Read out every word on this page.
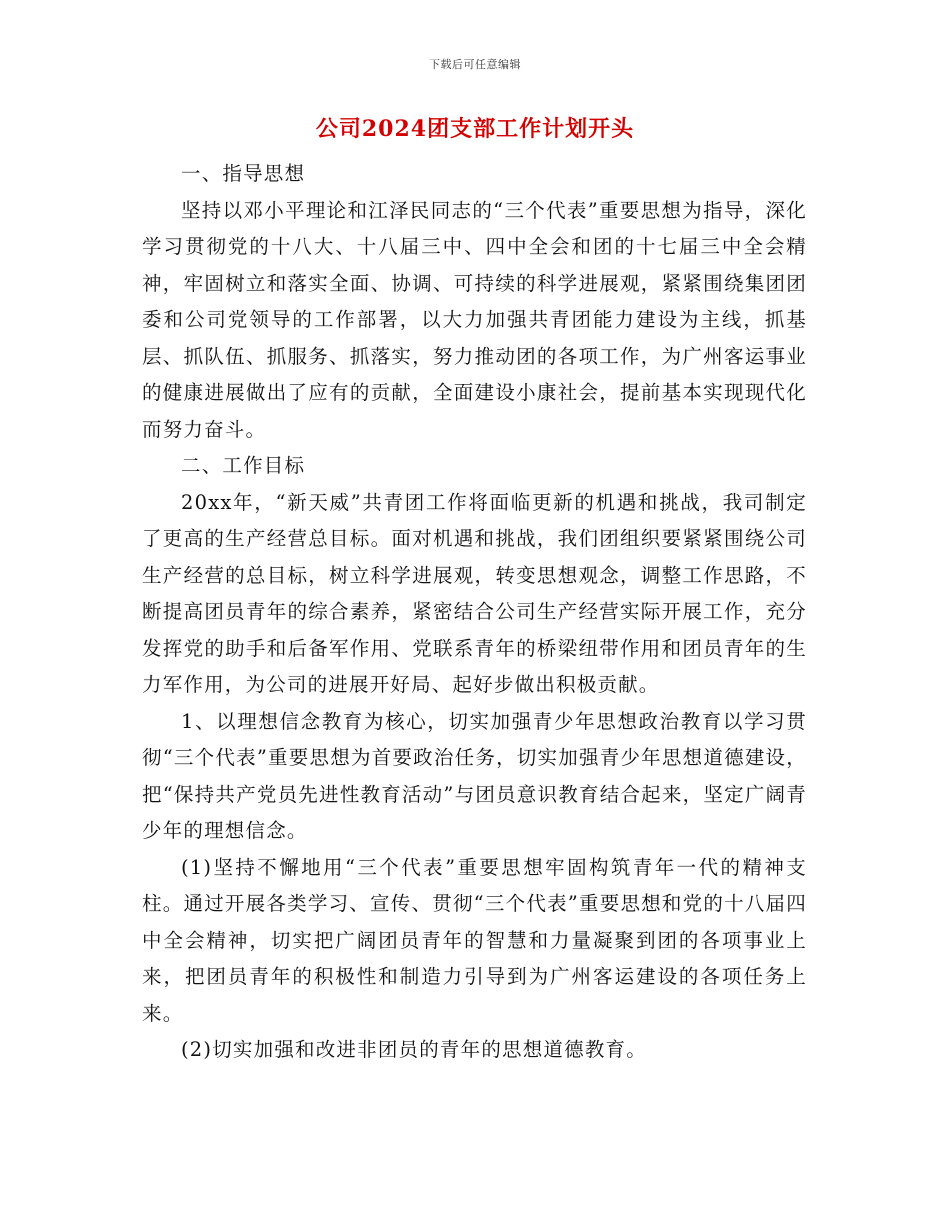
下载后可任意编辑
公司2024团支部工作计划开头

一、指导思想

坚持以邓小平理论和江泽民同志的“三个代表”重要思想为指导，深化学习贯彻党的十八大、十八届三中、四中全会和团的十七届三中全会精神，牢固树立和落实全面、协调、可持续的科学进展观，紧紧围绕集团团委和公司党领导的工作部署，以大力加强共青团能力建设为主线，抓基层、抓队伍、抓服务、抓落实，努力推动团的各项工作，为广州客运事业的健康进展做出了应有的贡献，全面建设小康社会，提前基本实现现代化而努力奋斗。

二、工作目标

20xx年，“新天威”共青团工作将面临更新的机遇和挑战，我司制定了更高的生产经营总目标。面对机遇和挑战，我们团组织要紧紧围绕公司生产经营的总目标，树立科学进展观，转变思想观念，调整工作思路，不断提高团员青年的综合素养，紧密结合公司生产经营实际开展工作，充分发挥党的助手和后备军作用、党联系青年的桥梁纽带作用和团员青年的生力军作用，为公司的进展开好局、起好步做出积极贡献。

1、以理想信念教育为核心，切实加强青少年思想政治教育以学习贯彻“三个代表”重要思想为首要政治任务，切实加强青少年思想道德建设，把“保持共产党员先进性教育活动”与团员意识教育结合起来，坚定广阔青少年的理想信念。

(1)坚持不懈地用“三个代表”重要思想牢固构筑青年一代的精神支柱。通过开展各类学习、宣传、贯彻“三个代表”重要思想和党的十八届四中全会精神，切实把广阔团员青年的智慧和力量凝聚到团的各项事业上来，把团员青年的积极性和制造力引导到为广州客运建设的各项任务上来。

(2)切实加强和改进非团员的青年的思想道德教育。
